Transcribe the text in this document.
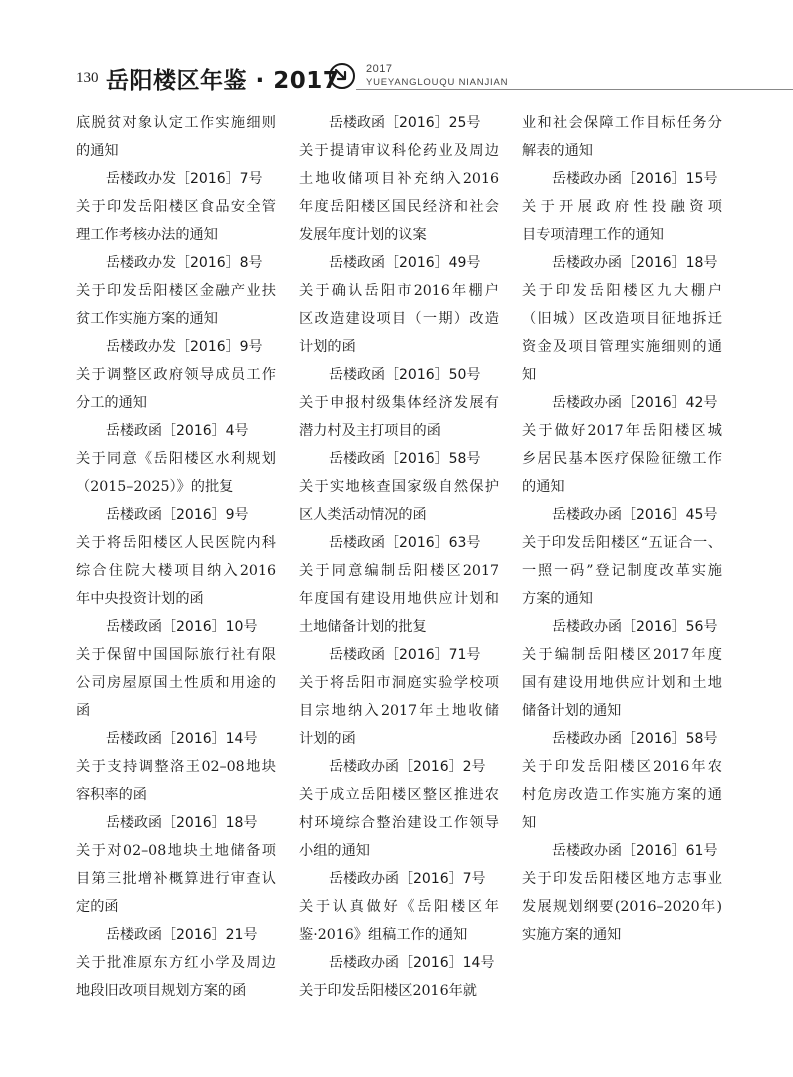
130 岳阳楼区年鉴 · 2017 2017
YUEYANGLOUQU NIANJIAN
底脱贫对象认定工作实施细则
的通知
岳楼政办发［2016］7号
关于印发岳阳楼区食品安全管
理工作考核办法的通知
岳楼政办发［2016］8号
关于印发岳阳楼区金融产业扶
贫工作实施方案的通知
岳楼政办发［2016］9号
关于调整区政府领导成员工作
分工的通知
岳楼政函［2016］4号
关于同意《岳阳楼区水利规划
（2015–2025）》的批复
岳楼政函［2016］9号
关于将岳阳楼区人民医院内科
综合住院大楼项目纳入2016
年中央投资计划的函
岳楼政函［2016］10号
关于保留中国国际旅行社有限
公司房屋原国土性质和用途的
函
岳楼政函［2016］14号
关于支持调整洛王02–08地块
容积率的函
岳楼政函［2016］18号
关于对02–08地块土地储备项
目第三批增补概算进行审查认
定的函
岳楼政函［2016］21号
关于批准原东方红小学及周边
地段旧改项目规划方案的函
岳楼政函［2016］25号
关于提请审议科伦药业及周边
土地收储项目补充纳入2016
年度岳阳楼区国民经济和社会
发展年度计划的议案
岳楼政函［2016］49号
关于确认岳阳市2016年棚户
区改造建设项目（一期）改造
计划的函
岳楼政函［2016］50号
关于申报村级集体经济发展有
潜力村及主打项目的函
岳楼政函［2016］58号
关于实地核查国家级自然保护
区人类活动情况的函
岳楼政函［2016］63号
关于同意编制岳阳楼区2017
年度国有建设用地供应计划和
土地储备计划的批复
岳楼政函［2016］71号
关于将岳阳市洞庭实验学校项
目宗地纳入2017年土地收储
计划的函
岳楼政办函［2016］2号
关于成立岳阳楼区整区推进农
村环境综合整治建设工作领导
小组的通知
岳楼政办函［2016］7号
关于认真做好《岳阳楼区年
鉴·2016》组稿工作的通知
岳楼政办函［2016］14号
关于印发岳阳楼区2016年就
业和社会保障工作目标任务分
解表的通知
岳楼政办函［2016］15号
关于开展政府性投融资项
目专项清理工作的通知
岳楼政办函［2016］18号
关于印发岳阳楼区九大棚户
（旧城）区改造项目征地拆迁
资金及项目管理实施细则的通
知
岳楼政办函［2016］42号
关于做好2017年岳阳楼区城
乡居民基本医疗保险征缴工作
的通知
岳楼政办函［2016］45号
关于印发岳阳楼区“五证合一、
一照一码”登记制度改革实施
方案的通知
岳楼政办函［2016］56号
关于编制岳阳楼区2017年度
国有建设用地供应计划和土地
储备计划的通知
岳楼政办函［2016］58号
关于印发岳阳楼区2016年农
村危房改造工作实施方案的通
知
岳楼政办函［2016］61号
关于印发岳阳楼区地方志事业
发展规划纲要(2016–2020年)
实施方案的通知
